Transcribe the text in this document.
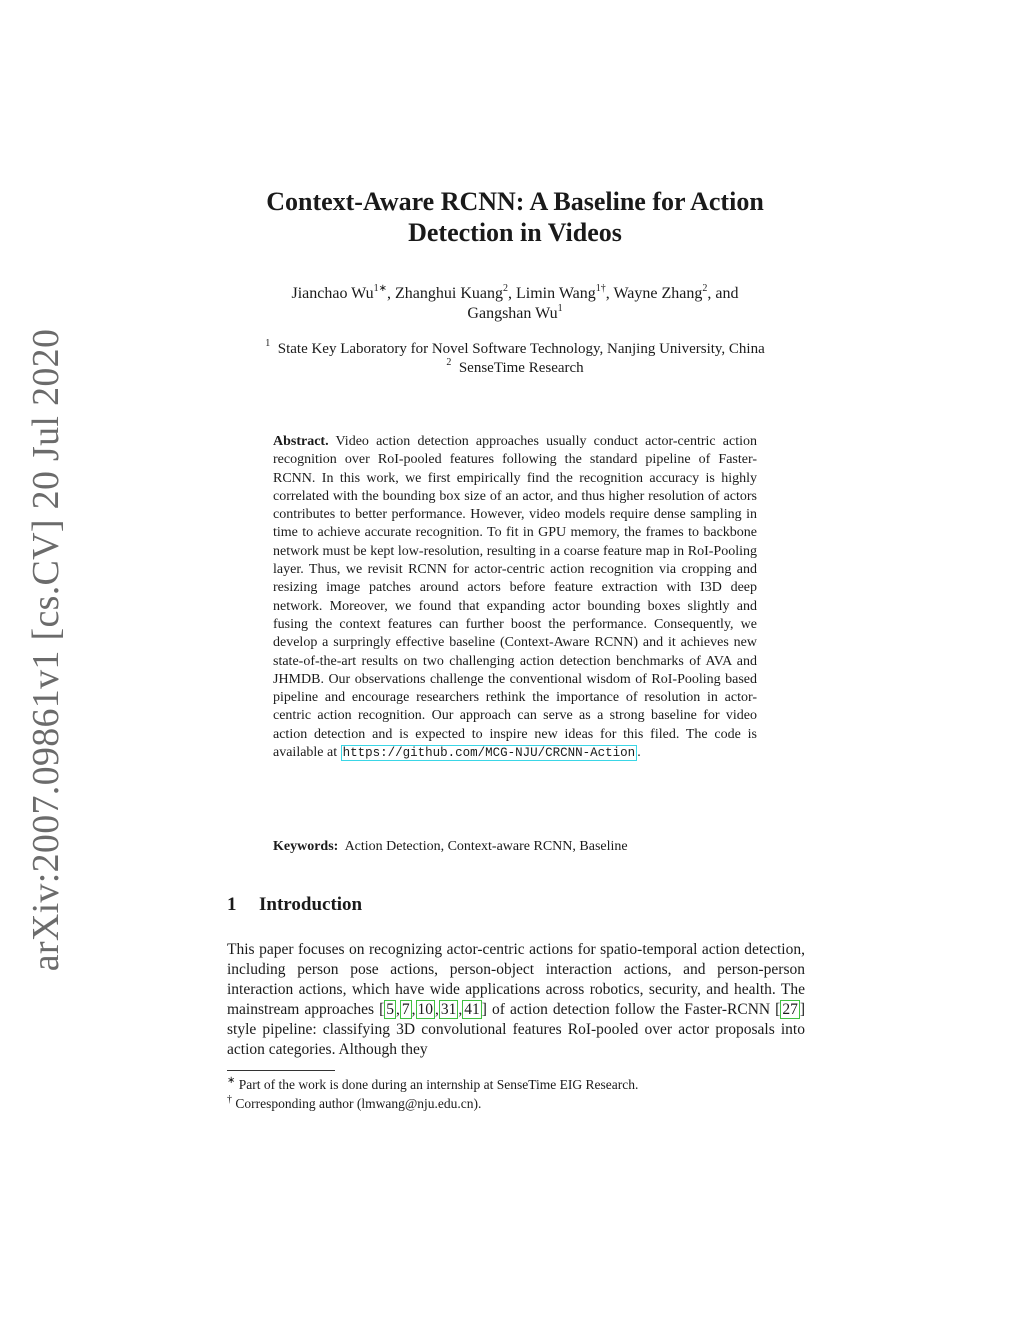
arXiv:2007.09861v1 [cs.CV] 20 Jul 2020
Context-Aware RCNN: A Baseline for Action
Detection in Videos
Jianchao $Wu^{1∗}$, Zhanghui Kuang$^2$, Limin Wang$^{1\dagger}$, Wayne Zhang$^2$, and
Gangshan Wu$^1$
$^1$ State Key Laboratory for Novel Software Technology, Nanjing University, China
$^2$ SenseTime Research
Abstract. Video action detection approaches usually conduct actor-centric action recognition over RoI-pooled features following the standard pipeline of Faster-RCNN. In this work, we first empirically find the recognition accuracy is highly correlated with the bounding box size of an actor, and thus higher resolution of actors contributes to better performance. However, video models require dense sampling in time to achieve accurate recognition. To fit in GPU memory, the frames to backbone network must be kept low-resolution, resulting in a coarse feature map in RoI-Pooling layer. Thus, we revisit RCNN for actor-centric action recognition via cropping and resizing image patches around actors before feature extraction with I3D deep network. Moreover, we found that expanding actor bounding boxes slightly and fusing the context features can further boost the performance. Consequently, we develop a surpringly effective baseline (Context-Aware RCNN) and it achieves new state-of-the-art results on two challenging action detection benchmarks of AVA and JHMDB. Our observations challenge the conventional wisdom of RoI-Pooling based pipeline and encourage researchers rethink the importance of resolution in actor-centric action recognition. Our approach can serve as a strong baseline for video action detection and is expected to inspire new ideas for this filed. The code is available at https://github.com/MCG-NJU/CRCNN-Action .
Keywords: Action Detection, Context-aware RCNN, Baseline
1 Introduction
This paper focuses on recognizing actor-centric actions for spatio-temporal action detection, including person pose actions, person-object interaction actions, and person-person interaction actions, which have wide applications across robotics, security, and health. The mainstream approaches [ 5 , 7 , 10 , 31 , 41 ] of action detection follow the Faster-RCNN [ 27 ] style pipeline: classifying 3D convolutional features RoI-pooled over actor proposals into action categories. Although they
∗ Part of the work is done during an internship at SenseTime EIG Research.
† Corresponding author (lmwang@nju.edu.cn).
